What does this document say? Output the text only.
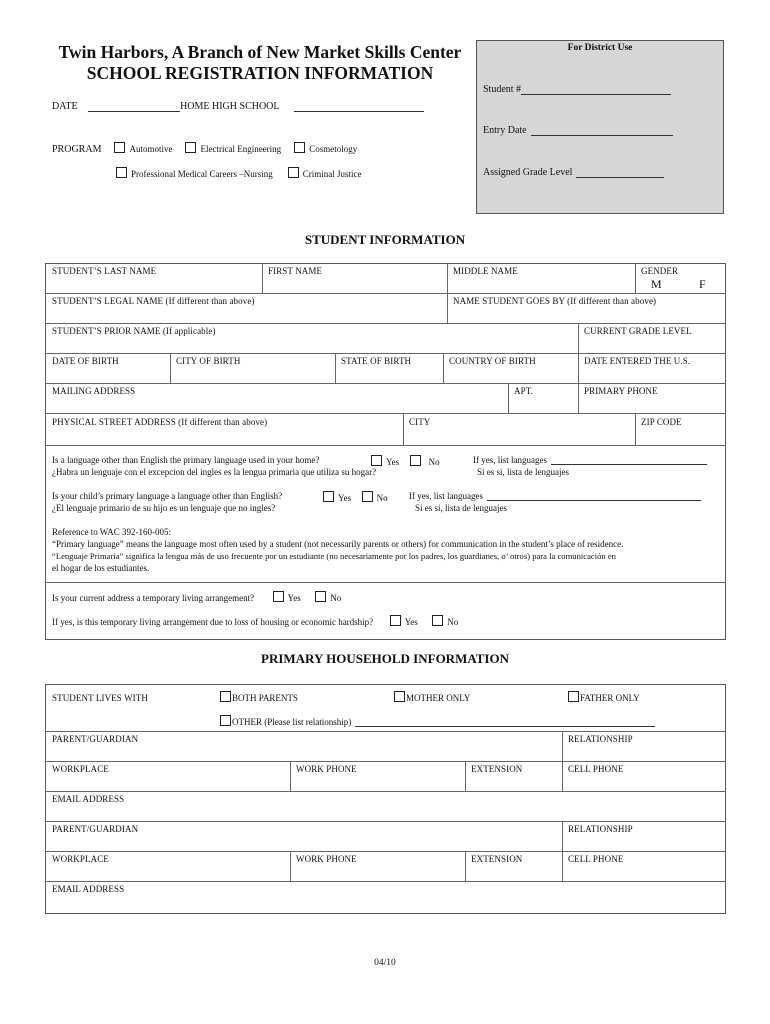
Twin Harbors, A Branch of New Market Skills Center
SCHOOL REGISTRATION INFORMATION
DATE	HOME HIGH SCHOOL
PROGRAM	Automotive	Electrical Engineering	Cosmetology
Professional Medical Careers –Nursing	Criminal Justice
For District Use
Student #
Entry Date
Assigned Grade Level
STUDENT INFORMATION
STUDENT’S LAST NAME	FIRST NAME	MIDDLE NAME	GENDER
M	F
STUDENT’S LEGAL NAME (If different than above)	NAME STUDENT GOES BY (If different than above)
STUDENT’S PRIOR NAME (If applicable)	CURRENT GRADE LEVEL
DATE OF BIRTH	CITY OF BIRTH	STATE OF BIRTH	COUNTRY OF BIRTH	DATE ENTERED THE U.S.
MAILING ADDRESS	APT.	PRIMARY PHONE
PHYSICAL STREET ADDRESS (If different than above)	CITY	ZIP CODE
Is a language other than English the primary language used in your home?
¿Habra un lenguaje con el excepcion del ingles es la lengua primaria que utiliza su hogar?
Yes	No	If yes, list languages
Si es si, lista de lenguajes
Is your child’s primary language a language other than English?
¿El lenguaje primario de su hijo es un lenguaje que no ingles?
Yes	No If yes, list languages
Si es si, lista de lenguajes
Reference to WAC 392-160-005:
“Primary language” means the language most often used by a student (not necessarily parents or others) for communication in the student’s place of residence.
“Lenguaje Primaria” significa la lengua más de uso frecuente por un estudiante (no necesariamente por los padres, los guardianes, o’ otros) para la comunicación en
el hogar de los estudiantes.
Is your current address a temporary living arrangement?	Yes	No
If yes, is this temporary living arrangement due to loss of housing or economic hardship?	Yes	No
PRIMARY HOUSEHOLD INFORMATION
STUDENT LIVES WITH	BOTH PARENTS	MOTHER ONLY	FATHER ONLY
OTHER (Please list relationship)
PARENT/GUARDIAN	RELATIONSHIP
WORKPLACE	WORK PHONE	EXTENSION	CELL PHONE
EMAIL ADDRESS
PARENT/GUARDIAN	RELATIONSHIP
WORKPLACE	WORK PHONE	EXTENSION	CELL PHONE
EMAIL ADDRESS
04/10
